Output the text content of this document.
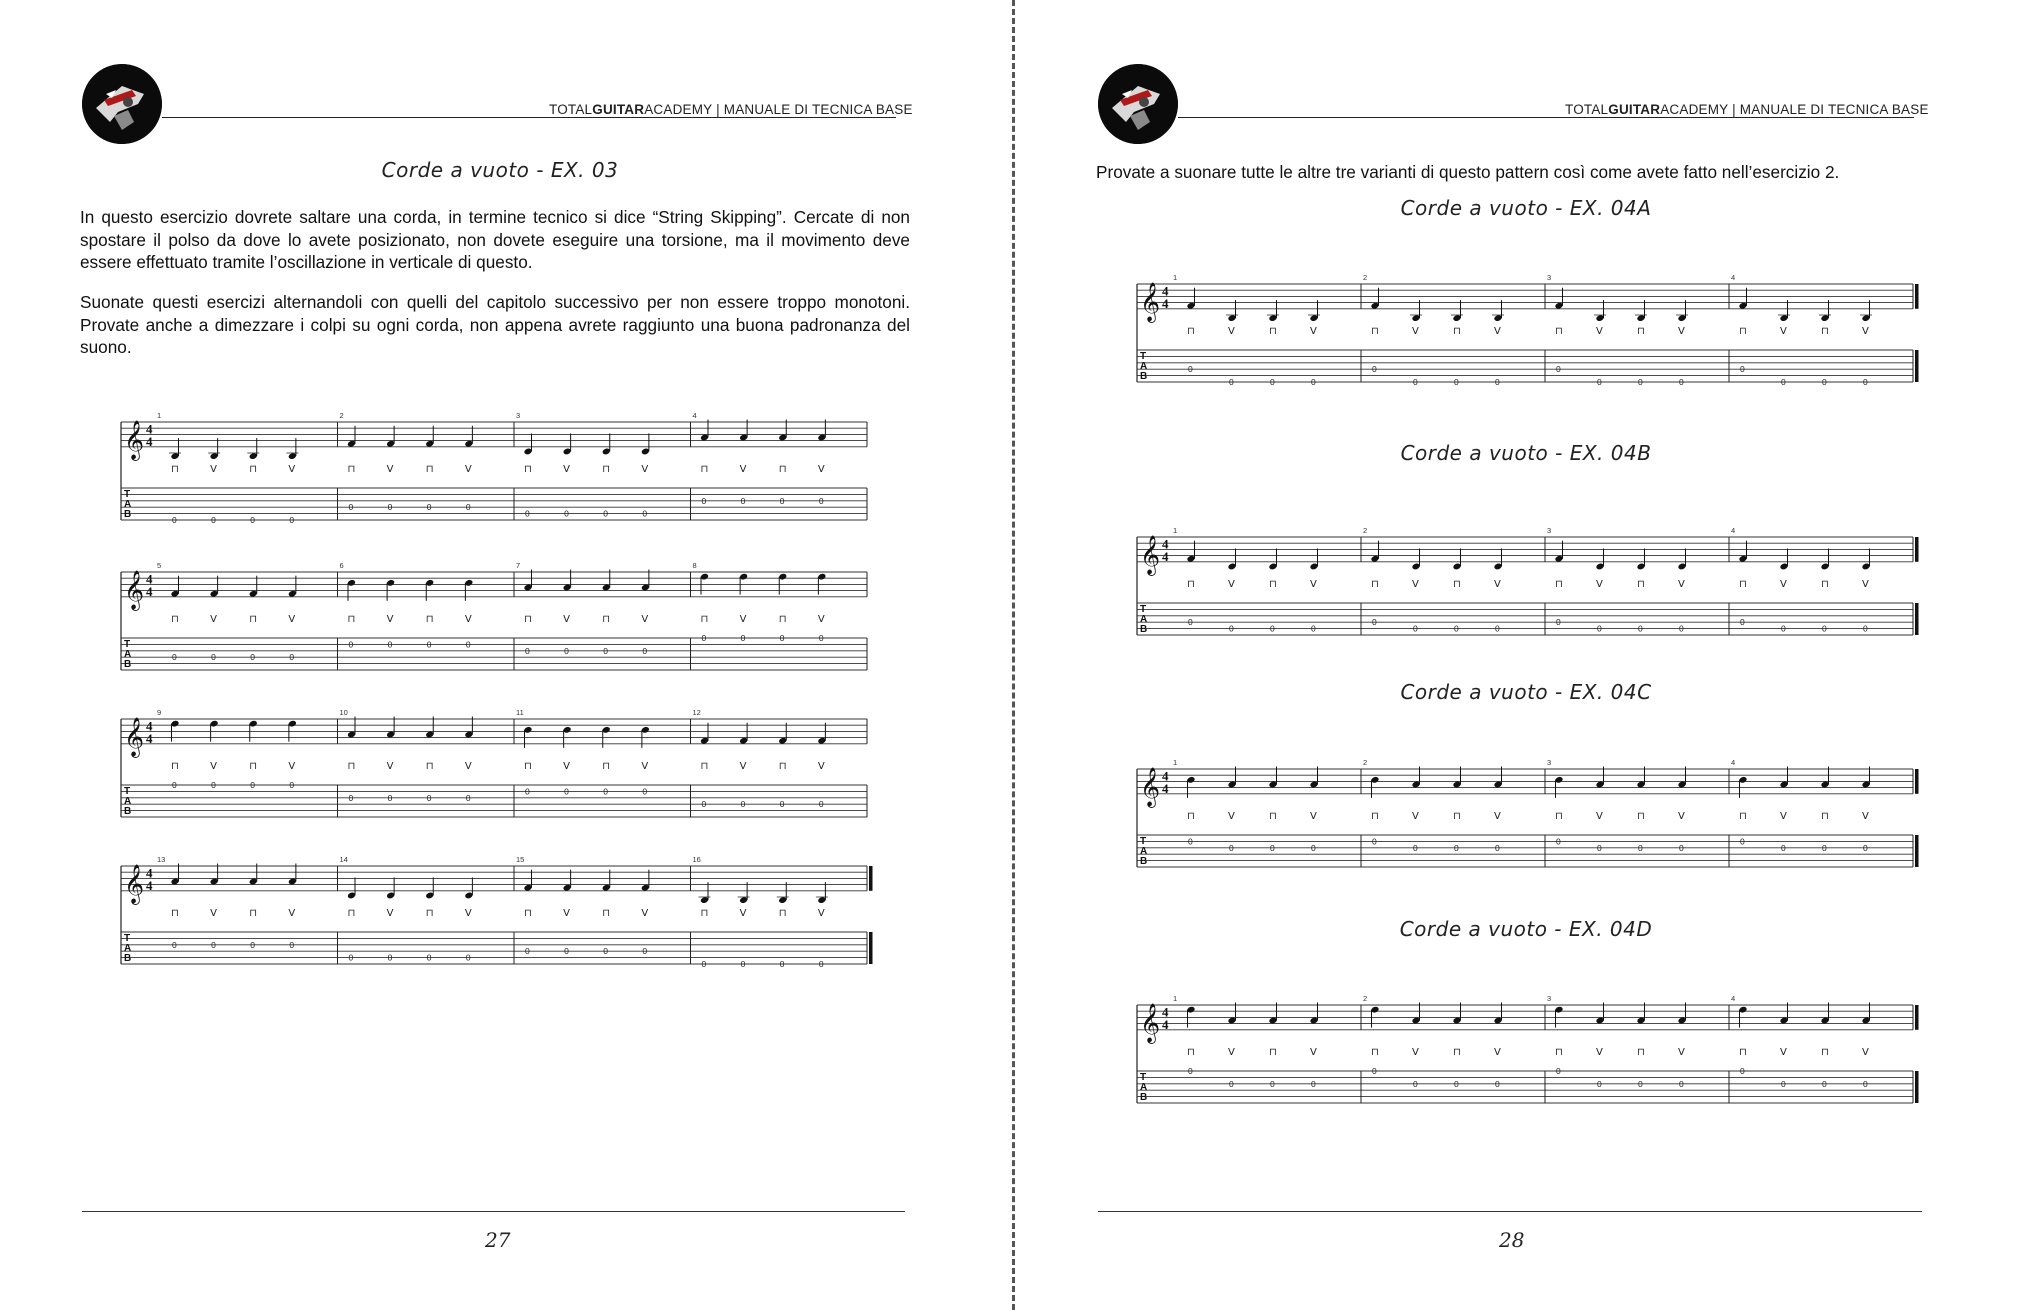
TOTALGUITARACADEMY | MANUALE DI TECNICA BASE
Corde a vuoto - EX. 03
In questo esercizio dovrete saltare una corda, in termine tecnico si dice “String Skipping”. Cercate di non spostare il polso da dove lo avete posizionato, non dovete eseguire una torsione, ma il movimento deve essere effettuato tramite l’oscillazione in verticale di questo.
Suonate questi esercizi alternandoli con quelli del capitolo successivo per non essere troppo monotoni. Provate anche a dimezzare i colpi su ogni corda, non appena avrete raggiunto una buona padronanza del suono.
𝄞 4
4
T
A
B
1
⊓
0
V
0
⊓
0
V
0
2
⊓
0
V
0
⊓
0
V
0
3
⊓
0
V
0
⊓
0
V
0
4
⊓
0
V
0
⊓
0
V
0
𝄞 4
4
T
A
B
5
⊓
0
V
0
⊓
0
V
0
6
⊓
0
V
0
⊓
0
V
0
7
⊓
0
V
0
⊓
0
V
0
8
⊓
0
V
0
⊓
0
V
0
𝄞 4
4
T
A
B
9
⊓
0
V
0
⊓
0
V
0
10
⊓
0
V
0
⊓
0
V
0
11
⊓
0
V
0
⊓
0
V
0
12
⊓
0
V
0
⊓
0
V
0
𝄞 4
4
T
A
B
13
⊓
0
V
0
⊓
0
V
0
14
⊓
0
V
0
⊓
0
V
0
15
⊓
0
V
0
⊓
0
V
0
16
⊓
0
V
0
⊓
0
V
0
27
TOTALGUITARACADEMY | MANUALE DI TECNICA BASE
Provate a suonare tutte le altre tre varianti di questo pattern così come avete fatto nell’esercizio 2.
Corde a vuoto - EX. 04A
𝄞 4
4
T
A
B
1
⊓
0
V
0
⊓
0
V
0
2
⊓
0
V
0
⊓
0
V
0
3
⊓
0
V
0
⊓
0
V
0
4
⊓
0
V
0
⊓
0
V
0
Corde a vuoto - EX. 04B
𝄞 4
4
T
A
B
1
⊓
0
V
0
⊓
0
V
0
2
⊓
0
V
0
⊓
0
V
0
3
⊓
0
V
0
⊓
0
V
0
4
⊓
0
V
0
⊓
0
V
0
Corde a vuoto - EX. 04C
𝄞 4
4
T
A
B
1
⊓
0
V
0
⊓
0
V
0
2
⊓
0
V
0
⊓
0
V
0
3
⊓
0
V
0
⊓
0
V
0
4
⊓
0
V
0
⊓
0
V
0
Corde a vuoto - EX. 04D
𝄞 4
4
T
A
B
1
⊓
0
V
0
⊓
0
V
0
2
⊓
0
V
0
⊓
0
V
0
3
⊓
0
V
0
⊓
0
V
0
4
⊓
0
V
0
⊓
0
V
0
28
